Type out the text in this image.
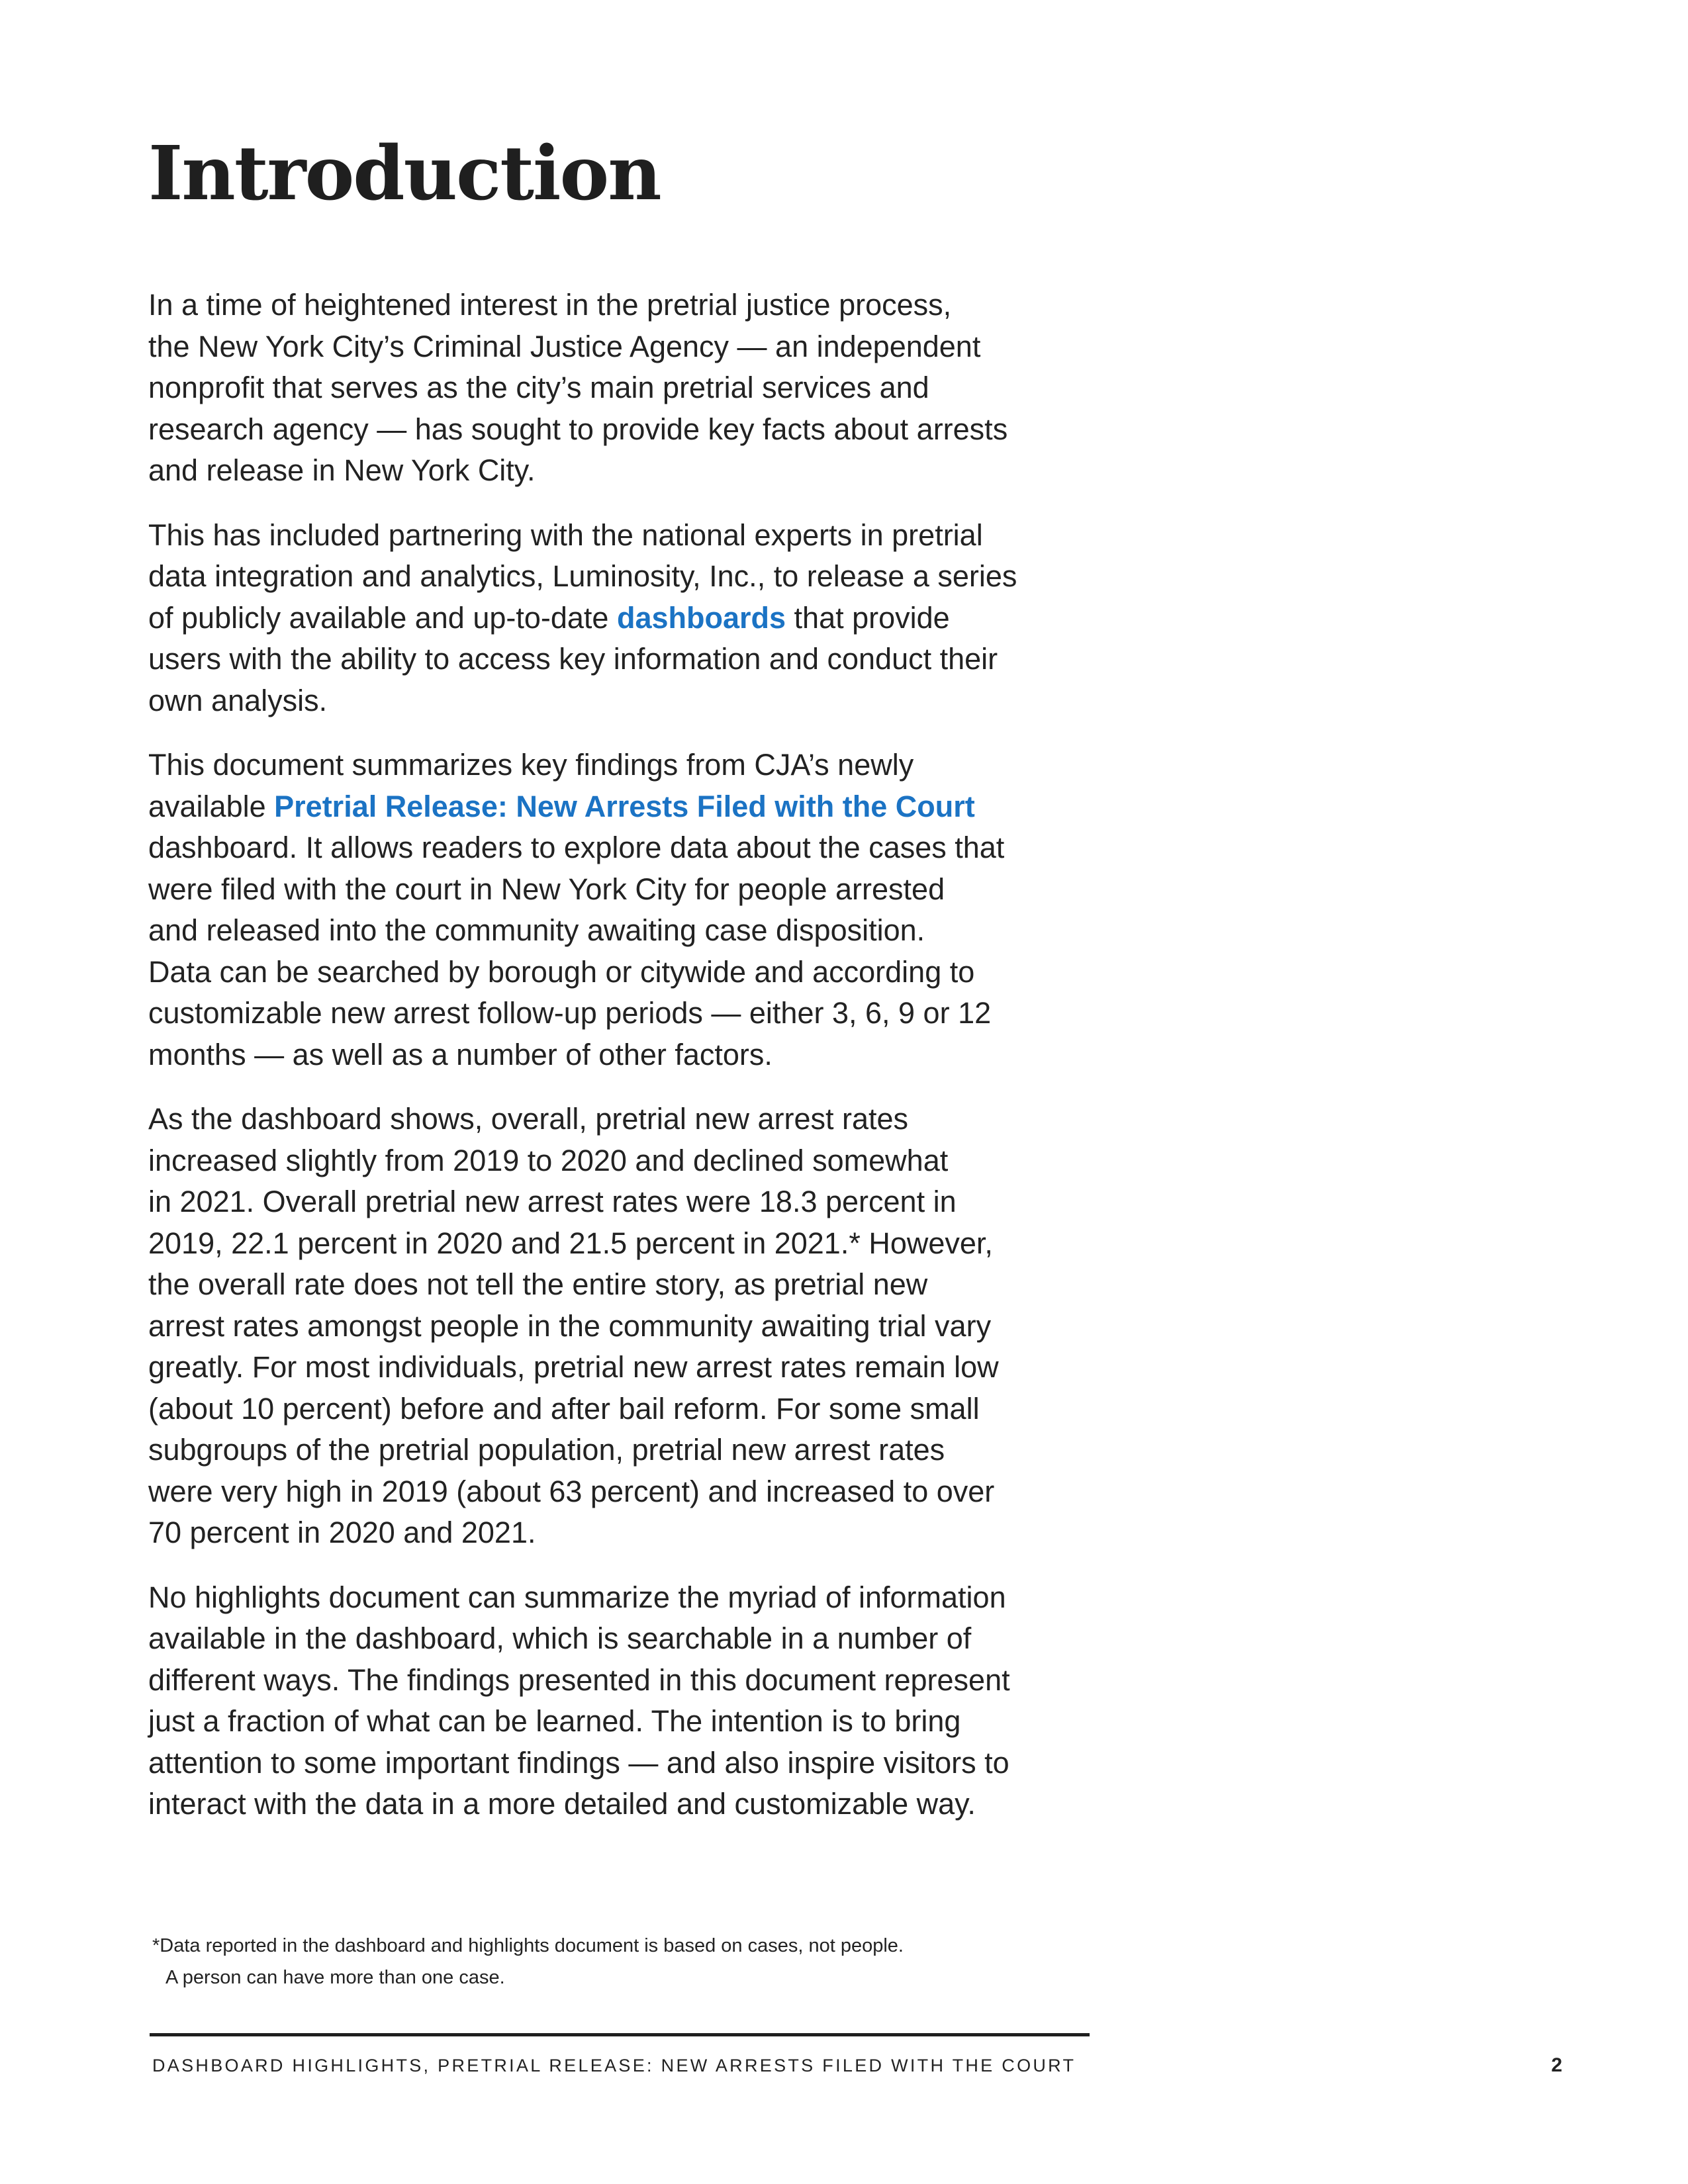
Introduction

In a time of heightened interest in the pretrial justice process,
the New York City’s Criminal Justice Agency — an independent
nonprofit that serves as the city’s main pretrial services and
research agency — has sought to provide key facts about arrests
and release in New York City.

This has included partnering with the national experts in pretrial
data integration and analytics, Luminosity, Inc., to release a series
of publicly available and up-to-date dashboards that provide
users with the ability to access key information and conduct their
own analysis.

This document summarizes key findings from CJA’s newly
available Pretrial Release: New Arrests Filed with the Court
dashboard. It allows readers to explore data about the cases that
were filed with the court in New York City for people arrested
and released into the community awaiting case disposition.
Data can be searched by borough or citywide and according to
customizable new arrest follow-up periods — either 3, 6, 9 or 12
months — as well as a number of other factors.

As the dashboard shows, overall, pretrial new arrest rates
increased slightly from 2019 to 2020 and declined somewhat
in 2021. Overall pretrial new arrest rates were 18.3 percent in
2019, 22.1 percent in 2020 and 21.5 percent in 2021.* However,
the overall rate does not tell the entire story, as pretrial new
arrest rates amongst people in the community awaiting trial vary
greatly. For most individuals, pretrial new arrest rates remain low
(about 10 percent) before and after bail reform. For some small
subgroups of the pretrial population, pretrial new arrest rates
were very high in 2019 (about 63 percent) and increased to over
70 percent in 2020 and 2021.

No highlights document can summarize the myriad of information
available in the dashboard, which is searchable in a number of
different ways. The findings presented in this document represent
just a fraction of what can be learned. The intention is to bring
attention to some important findings — and also inspire visitors to
interact with the data in a more detailed and customizable way.

*Data reported in the dashboard and highlights document is based on cases, not people.
A person can have more than one case.
DASHBOARD HIGHLIGHTS, PRETRIAL RELEASE: NEW ARRESTS FILED WITH THE COURT	2
